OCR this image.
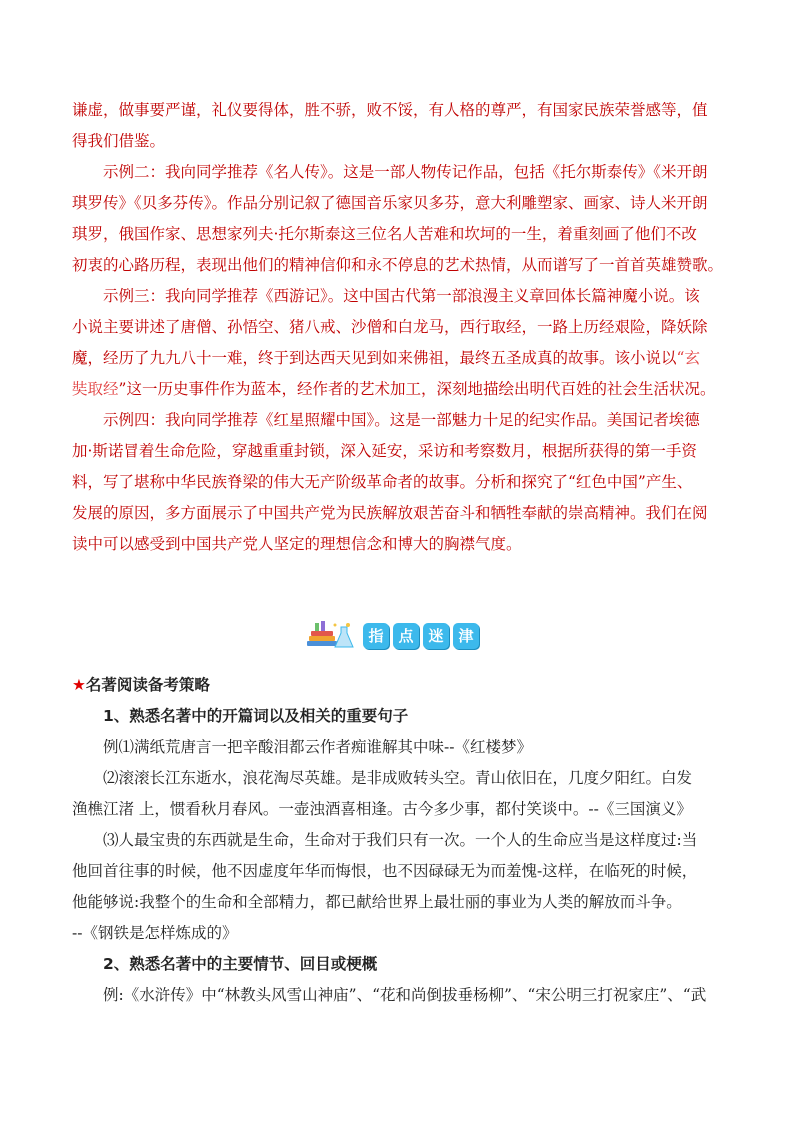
谦虚，做事要严谨，礼仪要得体，胜不骄，败不馁，有人格的尊严，有国家民族荣誉感等，值
得我们借鉴。
示例二：我向同学推荐《名人传》。这是一部人物传记作品，包括《托尔斯泰传》《米开朗
琪罗传》《贝多芬传》。作品分别记叙了德国音乐家贝多芬，意大利雕塑家、画家、诗人米开朗
琪罗，俄国作家、思想家列夫·托尔斯泰这三位名人苦难和坎坷的一生，着重刻画了他们不改
初衷的心路历程，表现出他们的精神信仰和永不停息的艺术热情，从而谱写了一首首英雄赞歌。
示例三：我向同学推荐《西游记》。这中国古代第一部浪漫主义章回体长篇神魔小说。该
小说主要讲述了唐僧、孙悟空、猪八戒、沙僧和白龙马，西行取经，一路上历经艰险，降妖除
魔，经历了九九八十一难，终于到达西天见到如来佛祖，最终五圣成真的故事。该小说以“玄
奘取经”这一历史事件作为蓝本，经作者的艺术加工，深刻地描绘出明代百姓的社会生活状况。
示例四：我向同学推荐《红星照耀中国》。这是一部魅力十足的纪实作品。美国记者埃德
加·斯诺冒着生命危险，穿越重重封锁，深入延安，采访和考察数月，根据所获得的第一手资
料，写了堪称中华民族脊梁的伟大无产阶级革命者的故事。分析和探究了“红色中国”产生、
发展的原因，多方面展示了中国共产党为民族解放艰苦奋斗和牺牲奉献的崇高精神。我们在阅
读中可以感受到中国共产党人坚定的理想信念和博大的胸襟气度。
指 点 迷 津
★名著阅读备考策略
1、熟悉名著中的开篇词以及相关的重要句子
例⑴满纸荒唐言一把辛酸泪都云作者痴谁解其中味--《红楼梦》
⑵滚滚长江东逝水，浪花淘尽英雄。是非成败转头空。青山依旧在，几度夕阳红。白发
渔樵江渚 上，惯看秋月春风。一壶浊酒喜相逢。古今多少事，都付笑谈中。--《三国演义》
⑶人最宝贵的东西就是生命，生命对于我们只有一次。一个人的生命应当是这样度过:当
他回首往事的时候，他不因虚度年华而悔恨，也不因碌碌无为而羞愧-这样，在临死的时候，
他能够说:我整个的生命和全部精力，都已献给世界上最壮丽的事业为人类的解放而斗争。
--《钢铁是怎样炼成的》
2、熟悉名著中的主要情节、回目或梗概
例:《水浒传》中“林教头风雪山神庙”、“花和尚倒拔垂杨柳”、“宋公明三打祝家庄”、“武
